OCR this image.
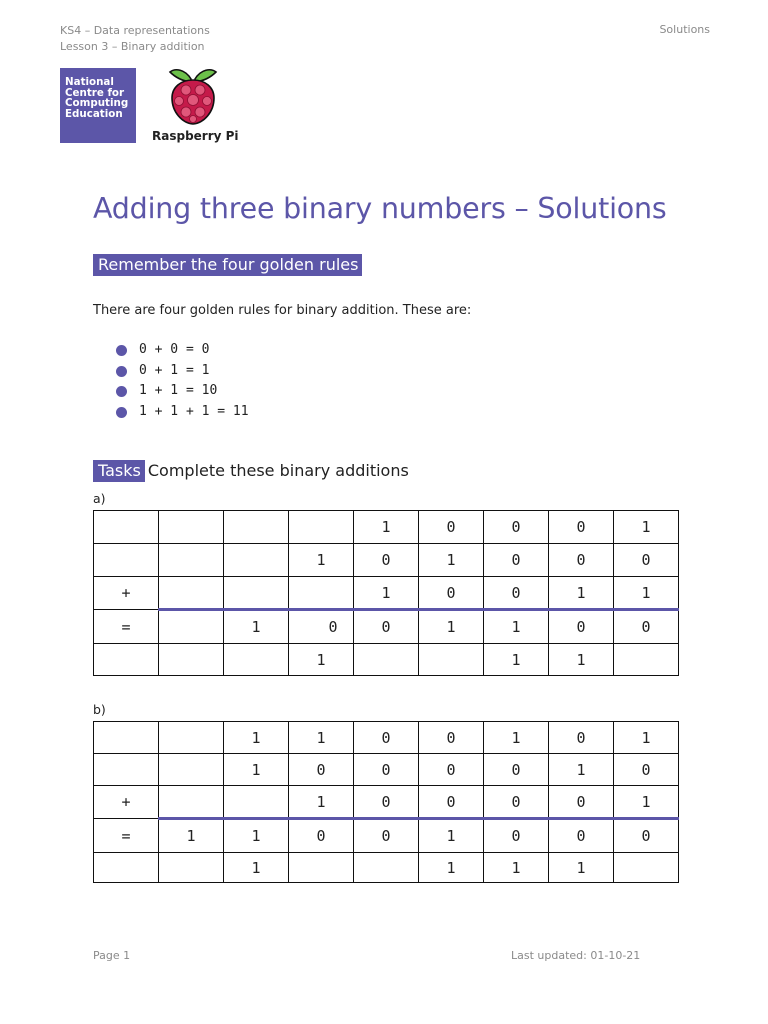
KS4 – Data representations
Lesson 3 – Binary addition
Solutions
National
Centre for
Computing
Education
Raspberry Pi
Adding three binary numbers – Solutions
Remember the four golden rules
There are four golden rules for binary addition. These are:
0 + 0 = 0
0 + 1 = 1
1 + 1 = 10
1 + 1 + 1 = 11
Tasks Complete these binary additions
a)
				1	0	0	0	1
			1	0	1	0	0	0
+				1	0	0	1	1
=		1	0	0	1	1	0	0
			1			1	1	
b)
		1	1	0	0	1	0	1
		1	0	0	0	0	1	0
+			1	0	0	0	0	1
=	1	1	0	0	1	0	0	0
		1			1	1	1	
Page 1	Last updated: 01-10-21
